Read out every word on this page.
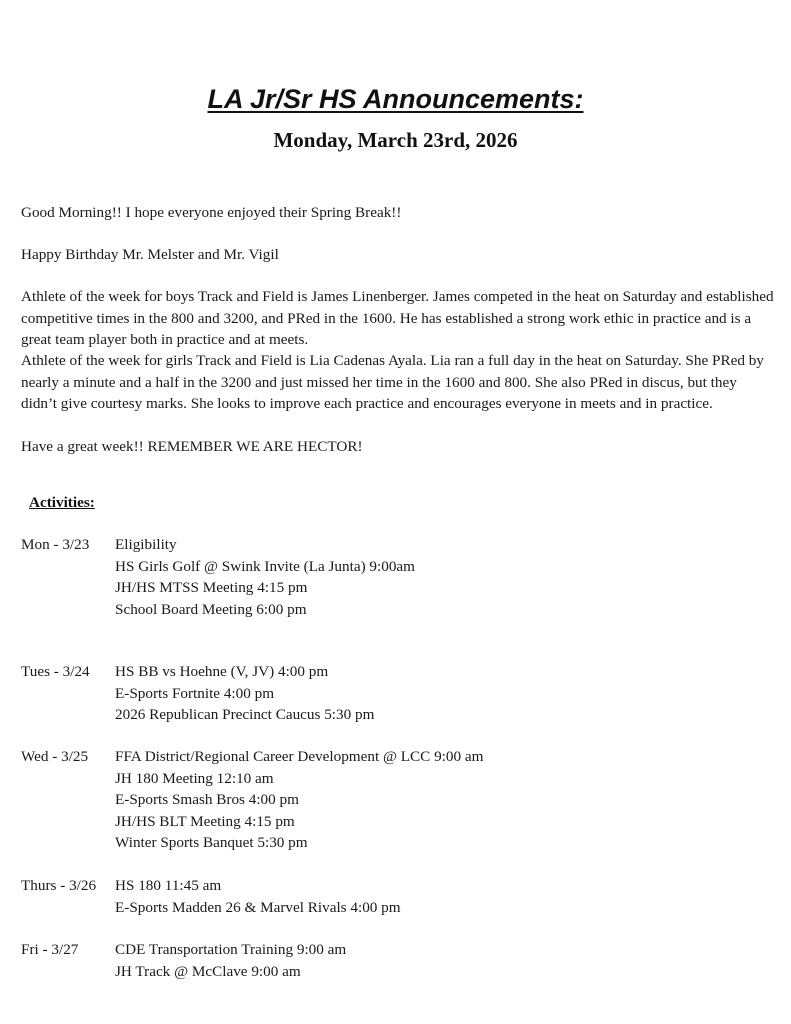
LA Jr/Sr HS Announcements:
Monday, March 23rd, 2026

Good Morning!! I hope everyone enjoyed their Spring Break!!

Happy Birthday Mr. Melster and Mr. Vigil

Athlete of the week for boys Track and Field is James Linenberger. James competed in the heat on Saturday and established competitive times in the 800 and 3200, and PRed in the 1600. He has established a strong work ethic in practice and is a great team player both in practice and at meets.

Athlete of the week for girls Track and Field is Lia Cadenas Ayala. Lia ran a full day in the heat on Saturday. She PRed by nearly a minute and a half in the 3200 and just missed her time in the 1600 and 800. She also PRed in discus, but they didn’t give courtesy marks. She looks to improve each practice and encourages everyone in meets and in practice.

Have a great week!! REMEMBER WE ARE HECTOR!

Activities:
Mon - 3/23	Eligibility
HS Girls Golf @ Swink Invite (La Junta) 9:00am
JH/HS MTSS Meeting 4:15 pm
School Board Meeting 6:00 pm
Tues - 3/24	HS BB vs Hoehne (V, JV) 4:00 pm
E-Sports Fortnite 4:00 pm
2026 Republican Precinct Caucus 5:30 pm
Wed - 3/25	FFA District/Regional Career Development @ LCC 9:00 am
JH 180 Meeting 12:10 am
E-Sports Smash Bros 4:00 pm
JH/HS BLT Meeting 4:15 pm
Winter Sports Banquet 5:30 pm
Thurs - 3/26	HS 180 11:45 am
E-Sports Madden 26 & Marvel Rivals 4:00 pm
Fri - 3/27	CDE Transportation Training 9:00 am
JH Track @ McClave 9:00 am
